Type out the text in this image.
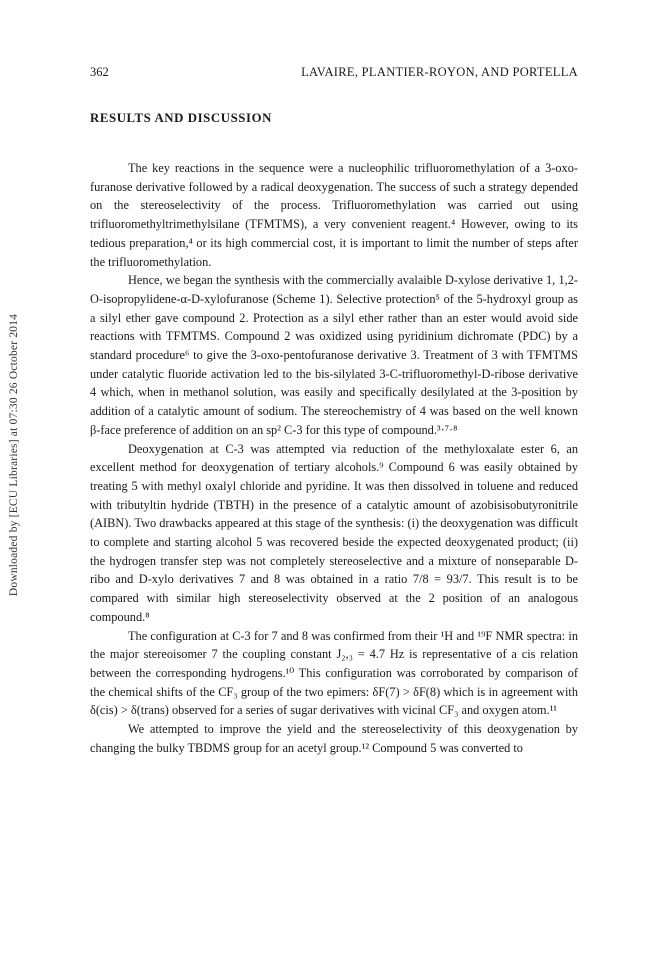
Downloaded by [ECU Libraries] at 07:30 26 October 2014
362	LAVAIRE, PLANTIER-ROYON, AND PORTELLA
RESULTS AND DISCUSSION

The key reactions in the sequence were a nucleophilic trifluoromethylation of a 3-oxo-furanose derivative followed by a radical deoxygenation. The success of such a strategy depended on the stereoselectivity of the process. Trifluoromethylation was carried out using trifluoromethyltrimethylsilane (TFMTMS), a very convenient reagent.⁴ However, owing to its tedious preparation,⁴ or its high commercial cost, it is important to limit the number of steps after the trifluoromethylation.

Hence, we began the synthesis with the commercially avalaible D-xylose derivative 1, 1,2-O-isopropylidene-α-D-xylofuranose (Scheme 1). Selective protection⁵ of the 5-hydroxyl group as a silyl ether gave compound 2. Protection as a silyl ether rather than an ester would avoid side reactions with TFMTMS. Compound 2 was oxidized using pyridinium dichromate (PDC) by a standard procedure⁶ to give the 3-oxo-pentofuranose derivative 3. Treatment of 3 with TFMTMS under catalytic fluoride activation led to the bis-silylated 3-C-trifluoromethyl-D-ribose derivative 4 which, when in methanol solution, was easily and specifically desilylated at the 3-position by addition of a catalytic amount of sodium. The stereochemistry of 4 was based on the well known β-face preference of addition on an sp² C-3 for this type of compound.³·⁷·⁸

Deoxygenation at C-3 was attempted via reduction of the methyloxalate ester 6, an excellent method for deoxygenation of tertiary alcohols.⁹ Compound 6 was easily obtained by treating 5 with methyl oxalyl chloride and pyridine. It was then dissolved in toluene and reduced with tributyltin hydride (TBTH) in the presence of a catalytic amount of azobisisobutyronitrile (AIBN). Two drawbacks appeared at this stage of the synthesis: (i) the deoxygenation was difficult to complete and starting alcohol 5 was recovered beside the expected deoxygenated product; (ii) the hydrogen transfer step was not completely stereoselective and a mixture of nonseparable D-ribo and D-xylo derivatives 7 and 8 was obtained in a ratio 7/8 = 93/7. This result is to be compared with similar high stereoselectivity observed at the 2 position of an analogous compound.⁸

The configuration at C-3 for 7 and 8 was confirmed from their ¹H and ¹⁹F NMR spectra: in the major stereoisomer 7 the coupling constant J₂,₃ = 4.7 Hz is representative of a cis relation between the corresponding hydrogens.¹⁰ This configuration was corroborated by comparison of the chemical shifts of the CF₃ group of the two epimers: δF(7) > δF(8) which is in agreement with δ(cis) > δ(trans) observed for a series of sugar derivatives with vicinal CF₃ and oxygen atom.¹¹

We attempted to improve the yield and the stereoselectivity of this deoxygenation by changing the bulky TBDMS group for an acetyl group.¹² Compound 5 was converted to
